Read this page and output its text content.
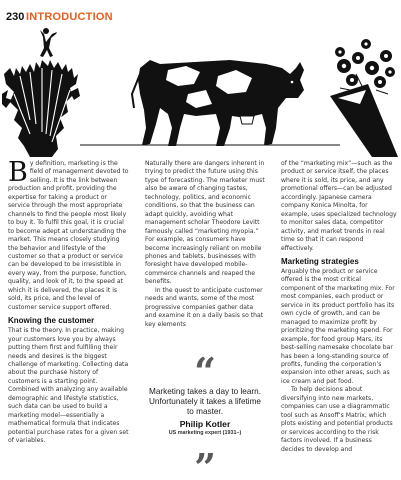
230 INTRODUCTION

By definition, marketing is the field of management devoted to selling. It is the link between production and profit, providing the expertise for taking a product or service through the most appropriate channels to find the people most likely to buy it. To fulfil this goal, it is crucial to become adept at understanding the market. This means closely studying the behavior and lifestyle of the customer so that a product or service can be developed to be irresistible in every way, from the purpose, function, quality, and look of it, to the speed at which it is delivered, the places it is sold, its price, and the level of customer service support offered.

Knowing the customer

That is the theory. In practice, making your customers love you by always putting them first and fulfilling their needs and desires is the biggest challenge of marketing. Collecting data about the purchase history of customers is a starting point. Combined with analyzing any available demographic and lifestyle statistics, such data can be used to build a marketing model—essentially a mathematical formula that indicates potential purchase rates for a given set of variables.

Naturally there are dangers inherent in trying to predict the future using this type of forecasting. The marketer must also be aware of changing tastes, technology, politics, and economic conditions, so that the business can adapt quickly, avoiding what management scholar Theodore Levitt famously called “marketing myopia.” For example, as consumers have become increasingly reliant on mobile phones and tablets, businesses with foresight have developed mobile-commerce channels and reaped the benefits.

In the quest to anticipate customer needs and wants, some of the most progressive companies gather data and examine it on a daily basis so that key elements

“
Marketing takes a day to learn. Unfortunately it takes a lifetime to master.
Philip Kotler
US marketing expert (1931–)
”

of the “marketing mix”—such as the product or service itself, the places where it is sold, its price, and any promotional offers—can be adjusted accordingly. Japanese camera company Konica Minolta, for example, uses specialized technology to monitor sales data, competitor activity, and market trends in real time so that it can respond effectively.

Marketing strategies

Arguably the product or service offered is the most critical component of the marketing mix. For most companies, each product or service in its product portfolio has its own cycle of growth, and can be managed to maximize profit by prioritizing the marketing spend. For example, for food group Mars, its best-selling namesake chocolate bar has been a long-standing source of profits, funding the corporation’s expansion into other areas, such as ice cream and pet food.

To help decisions about diversifying into new markets, companies can use a diagrammatic tool such as Ansoff’s Matrix, which plots existing and potential products or services according to the risk factors involved. If a business decides to develop and
